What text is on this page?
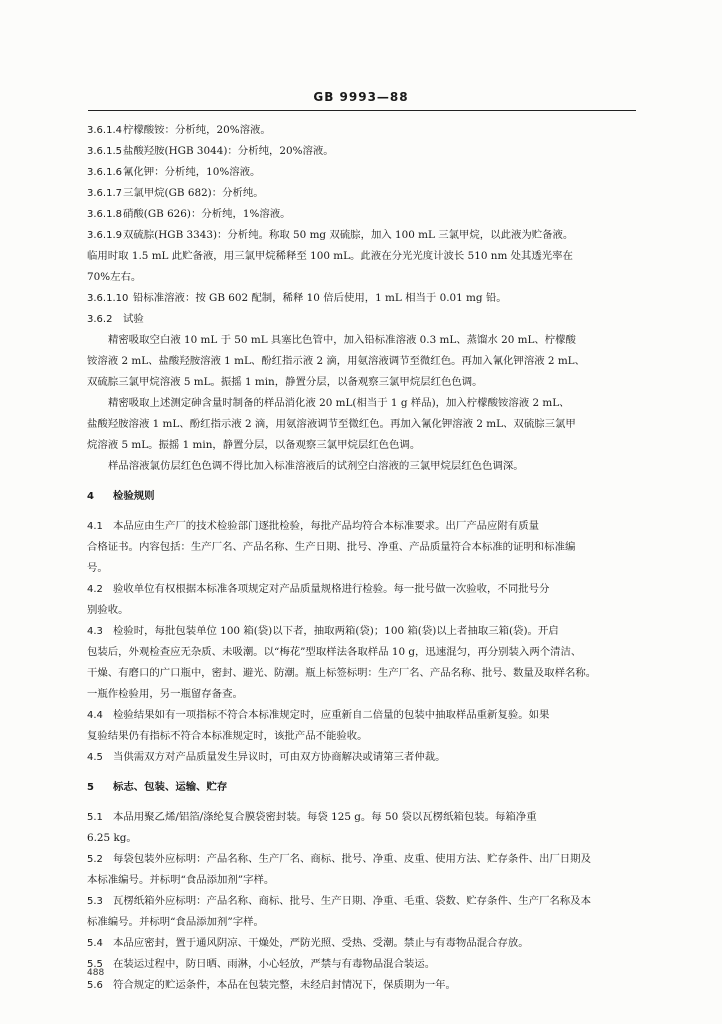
GB 9993—88
3.6.1.4柠檬酸铵：分析纯，20%溶液。
3.6.1.5盐酸羟胺(HGB 3044)：分析纯，20%溶液。
3.6.1.6氰化钾：分析纯，10%溶液。
3.6.1.7三氯甲烷(GB 682)：分析纯。
3.6.1.8硝酸(GB 626)：分析纯，1%溶液。
3.6.1.9双硫腙(HGB 3343)：分析纯。称取 50 mg 双硫腙，加入 100 mL 三氯甲烷，以此液为贮备液。
临用时取 1.5 mL 此贮备液，用三氯甲烷稀释至 100 mL。此液在分光光度计波长 510 nm 处其透光率在
70%左右。
3.6.1.10 铅标准溶液：按 GB 602 配制，稀释 10 倍后使用，1 mL 相当于 0.01 mg 铅。
3.6.2 试验
精密吸取空白液 10 mL 于 50 mL 具塞比色管中，加入铅标准溶液 0.3 mL、蒸馏水 20 mL、柠檬酸
铵溶液 2 mL、盐酸羟胺溶液 1 mL、酚红指示液 2 滴，用氨溶液调节至微红色。再加入氰化钾溶液 2 mL、
双硫腙三氯甲烷溶液 5 mL。振摇 1 min，静置分层，以备观察三氯甲烷层红色色调。
精密吸取上述测定砷含量时制备的样品消化液 20 mL(相当于 1 g 样品)，加入柠檬酸铵溶液 2 mL、
盐酸羟胺溶液 1 mL、酚红指示液 2 滴，用氨溶液调节至微红色。再加入氰化钾溶液 2 mL、双硫腙三氯甲
烷溶液 5 mL。振摇 1 min，静置分层，以备观察三氯甲烷层红色色调。
样品溶液氯仿层红色色调不得比加入标准溶液后的试剂空白溶液的三氯甲烷层红色色调深。
4 检验规则
4.1 本品应由生产厂的技术检验部门逐批检验，每批产品均符合本标准要求。出厂产品应附有质量
合格证书。内容包括：生产厂名、产品名称、生产日期、批号、净重、产品质量符合本标准的证明和标准编
号。
4.2 验收单位有权根据本标准各项规定对产品质量规格进行检验。每一批号做一次验收，不同批号分
别验收。
4.3 检验时，每批包装单位 100 箱(袋)以下者，抽取两箱(袋)；100 箱(袋)以上者抽取三箱(袋)。开启
包装后，外观检查应无杂质、未吸潮。以“梅花”型取样法各取样品 10 g，迅速混匀，再分别装入两个清洁、
干燥、有磨口的广口瓶中，密封、避光、防潮。瓶上标签标明：生产厂名、产品名称、批号、数量及取样名称。
一瓶作检验用，另一瓶留存备查。
4.4 检验结果如有一项指标不符合本标准规定时，应重新自二倍量的包装中抽取样品重新复验。如果
复验结果仍有指标不符合本标准规定时，该批产品不能验收。
4.5 当供需双方对产品质量发生异议时，可由双方协商解决或请第三者仲裁。
5 标志、包装、运输、贮存
5.1 本品用聚乙烯/铝箔/涤纶复合膜袋密封装。每袋 125 g。每 50 袋以瓦楞纸箱包装。每箱净重
6.25 kg。
5.2 每袋包装外应标明：产品名称、生产厂名、商标、批号、净重、皮重、使用方法、贮存条件、出厂日期及
本标准编号。并标明“食品添加剂”字样。
5.3 瓦楞纸箱外应标明：产品名称、商标、批号、生产日期、净重、毛重、袋数、贮存条件、生产厂名称及本
标准编号。并标明“食品添加剂”字样。
5.4 本品应密封，置于通风阴凉、干燥处，严防光照、受热、受潮。禁止与有毒物品混合存放。
5.5 在装运过程中，防日晒、雨淋，小心轻放，严禁与有毒物品混合装运。
5.6 符合规定的贮运条件，本品在包装完整，未经启封情况下，保质期为一年。
488
